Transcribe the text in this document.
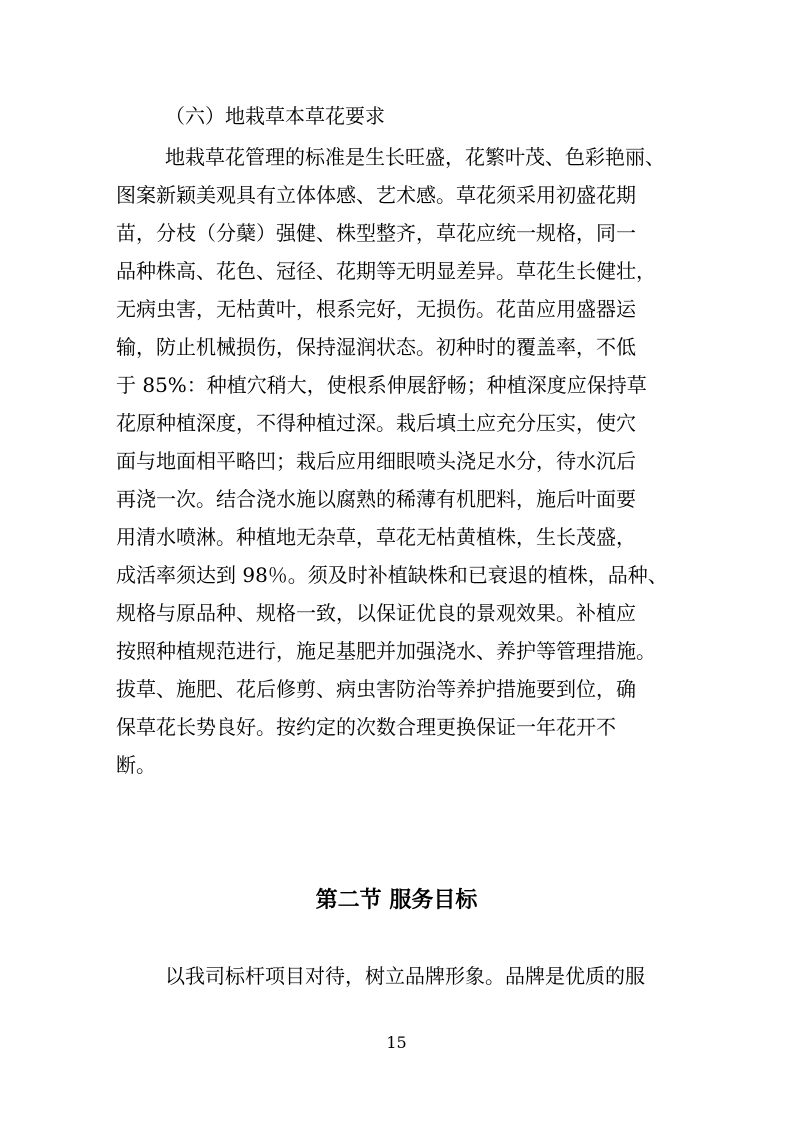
（六）地栽草本草花要求
地栽草花管理的标准是生长旺盛，花繁叶茂、色彩艳丽、
图案新颖美观具有立体体感、艺术感。草花须采用初盛花期
苗，分枝（分蘖）强健、株型整齐，草花应统一规格，同一
品种株高、花色、冠径、花期等无明显差异。草花生长健壮，
无病虫害，无枯黄叶，根系完好，无损伤。花苗应用盛器运
输，防止机械损伤，保持湿润状态。初种时的覆盖率，不低
于 85%：种植穴稍大，使根系伸展舒畅；种植深度应保持草
花原种植深度，不得种植过深。栽后填土应充分压实，使穴
面与地面相平略凹；栽后应用细眼喷头浇足水分，待水沉后
再浇一次。结合浇水施以腐熟的稀薄有机肥料，施后叶面要
用清水喷淋。种植地无杂草，草花无枯黄植株，生长茂盛，
成活率须达到 98％。须及时补植缺株和已衰退的植株，品种、
规格与原品种、规格一致，以保证优良的景观效果。补植应
按照种植规范进行，施足基肥并加强浇水、养护等管理措施。
拔草、施肥、花后修剪、病虫害防治等养护措施要到位，确
保草花长势良好。按约定的次数合理更换保证一年花开不
断。
第二节 服务目标
以我司标杆项目对待，树立品牌形象。品牌是优质的服
15
